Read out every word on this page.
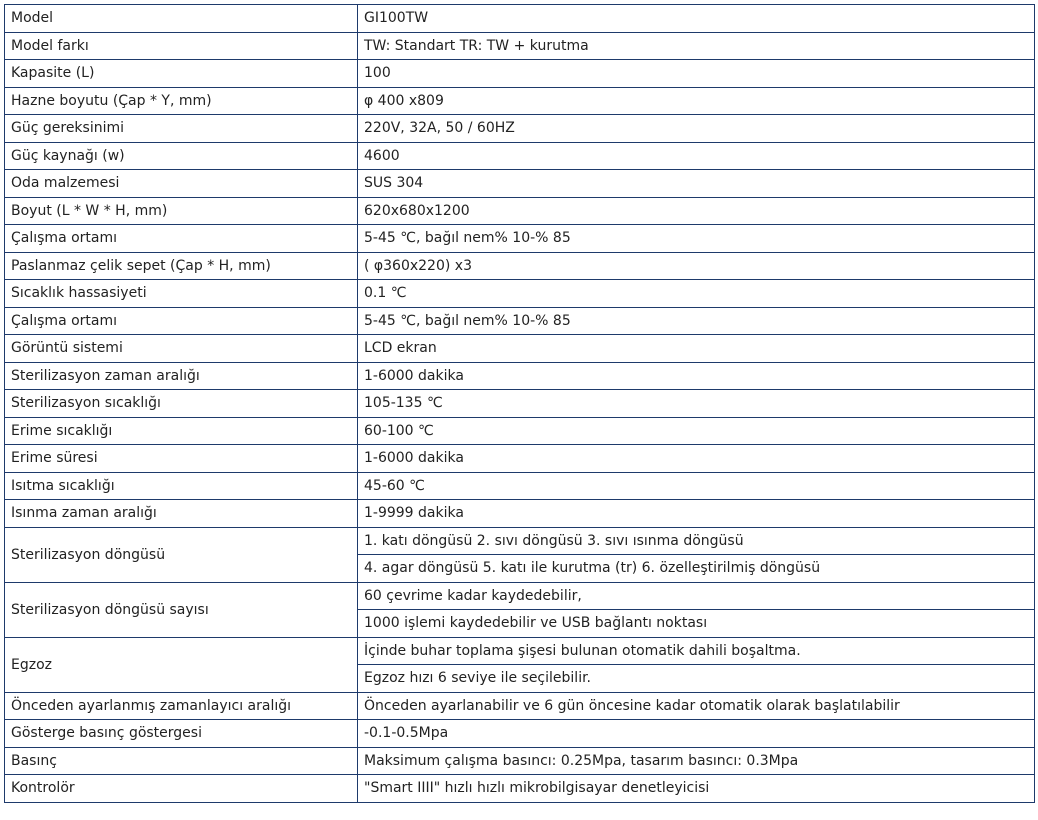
Model	GI100TW
Model farkı	TW: Standart TR: TW + kurutma
Kapasite (L)	100
Hazne boyutu (Çap * Y, mm)	φ 400 x809
Güç gereksinimi	220V, 32A, 50 / 60HZ
Güç kaynağı (w)	4600
Oda malzemesi	SUS 304
Boyut (L * W * H, mm)	620x680x1200
Çalışma ortamı	5-45 ℃, bağıl nem% 10-% 85
Paslanmaz çelik sepet (Çap * H, mm)	( φ360x220) x3
Sıcaklık hassasiyeti	0.1 ℃
Çalışma ortamı	5-45 ℃, bağıl nem% 10-% 85
Görüntü sistemi	LCD ekran
Sterilizasyon zaman aralığı	1-6000 dakika
Sterilizasyon sıcaklığı	105-135 ℃
Erime sıcaklığı	60-100 ℃
Erime süresi	1-6000 dakika
Isıtma sıcaklığı	45-60 ℃
Isınma zaman aralığı	1-9999 dakika
Sterilizasyon döngüsü	1. katı döngüsü 2. sıvı döngüsü 3. sıvı ısınma döngüsü
	4. agar döngüsü 5. katı ile kurutma (tr) 6. özelleştirilmiş döngüsü
Sterilizasyon döngüsü sayısı	60 çevrime kadar kaydedebilir,
	1000 işlemi kaydedebilir ve USB bağlantı noktası
Egzoz	İçinde buhar toplama şişesi bulunan otomatik dahili boşaltma.
	Egzoz hızı 6 seviye ile seçilebilir.
Önceden ayarlanmış zamanlayıcı aralığı	Önceden ayarlanabilir ve 6 gün öncesine kadar otomatik olarak başlatılabilir
Gösterge basınç göstergesi	-0.1-0.5Mpa
Basınç	Maksimum çalışma basıncı: 0.25Mpa, tasarım basıncı: 0.3Mpa
Kontrolör	"Smart IIII" hızlı hızlı mikrobilgisayar denetleyicisi
